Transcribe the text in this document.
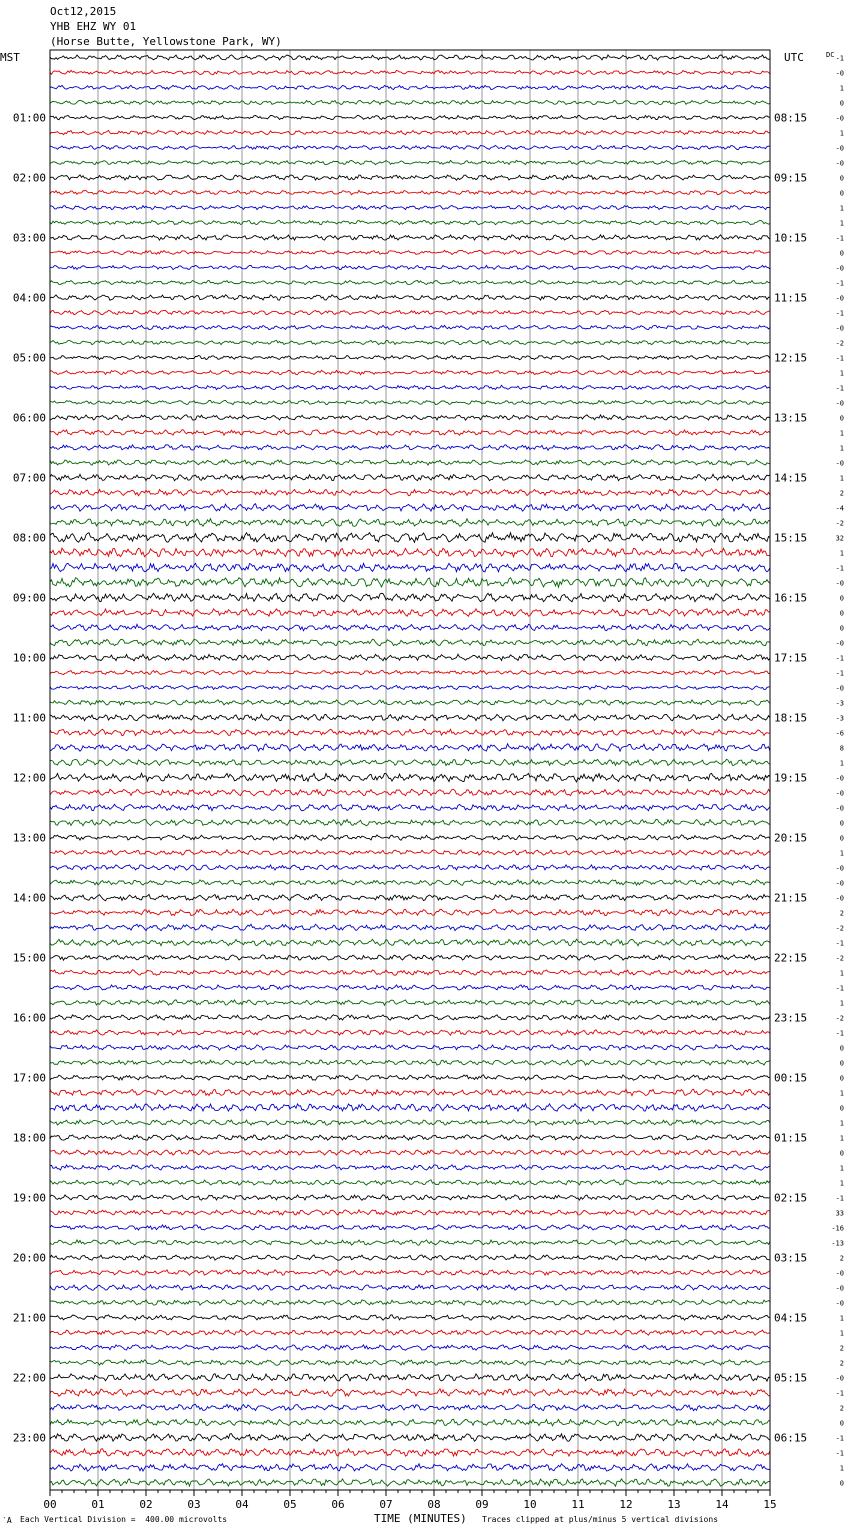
Oct12,2015
YHB EHZ WY 01
(Horse Butte, Yellowstone Park, WY)
00	01	02	03	04	05	06	07	08	09	10	11	12	13	14	15
01:00
02:00
03:00
04:00
05:00
06:00
07:00
08:00
09:00
10:00
11:00
12:00
13:00
14:00
15:00
16:00
17:00
18:00
19:00
20:00
21:00
22:00
23:00
08:15
09:15
10:15
11:15
12:15
13:15
14:15
15:15
16:15
17:15
18:15
19:15
20:15
21:15
22:15
23:15
00:15
01:15
02:15
03:15
04:15
05:15
06:15
-1
-0
1
0
-0
1
-0
-0
0
0
1
1
-1
0
-0
-1
-0
-1
-0
-2
-1
1
-1
-0
0
1
1
-0
1
2
-4
-2
32
1
-1
-0
0
0
0
-0
-1
-1
-0
-3
-3
-6
8
1
-0
-0
-0
0
0
1
-0
-0
-0
2
-2
-1
-2
1
-1
1
-2
-1
0
0
0
1
0
1
1
0
1
1
-1
33
-16
-13
2
-0
-0
-0
1
1
2
2
-0
-1
2
0
-1
-1
1
0
MST	UTC	DC
‵A Each Vertical Division =  400.00 microvolts	TIME (MINUTES) Traces clipped at plus/minus 5 vertical divisions
